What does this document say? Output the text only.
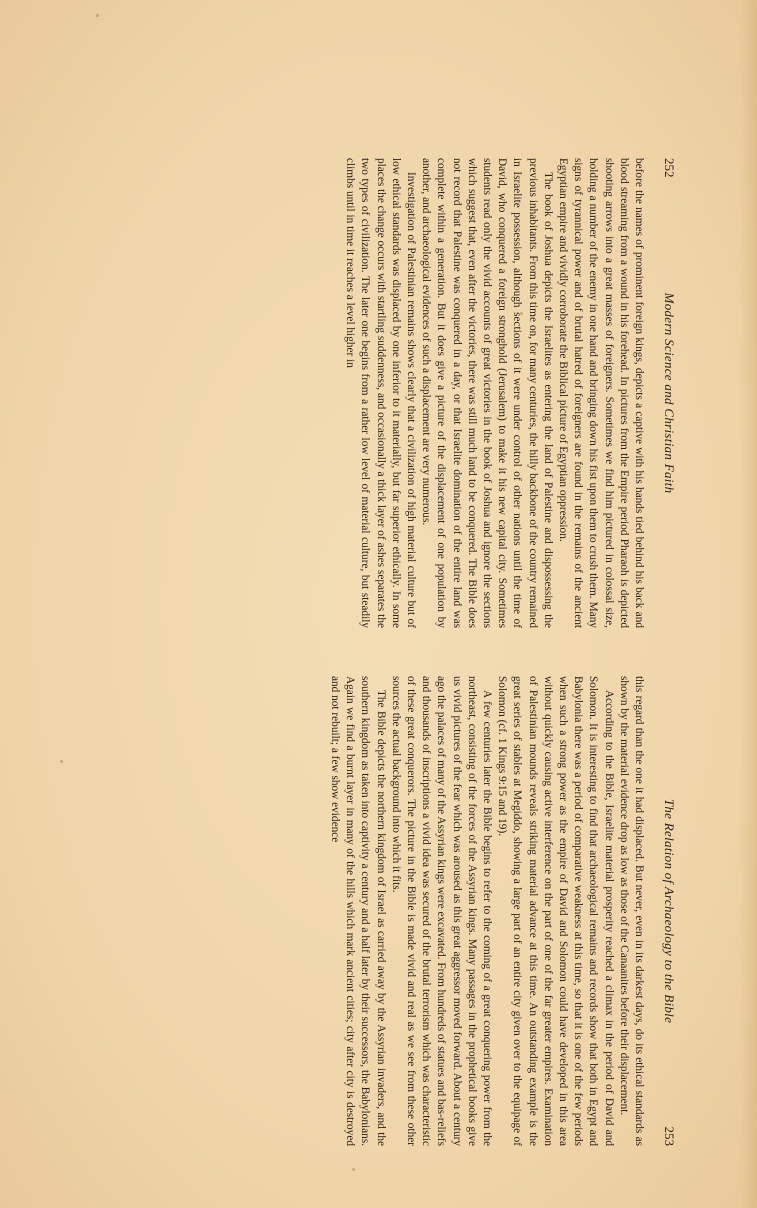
Modern Science and Christian Faith
252

before the names of prominent foreign kings, depicts a captive with his hands tied behind his back and blood streaming from a wound in his forehead. In pictures from the Empire period Pharaoh is depicted shooting arrows into a great masses of foreigners. Sometimes we find him pictured in colossal size, holding a number of the enemy in one hand and bringing down his fist upon them to crush them. Many signs of tyrannical power and of brutal hatred of foreigners are found in the remains of the ancient Egyptian empire and vividly corroborate the Biblical picture of Egyptian oppression.

The book of Joshua depicts the Israelites as entering the land of Palestine and dispossessing the previous inhabitants. From this time on, for many centuries, the hilly backbone of the country remained in Israelite possession, although sections of it were under control of other nations until the time of David, who conquered a foreign stronghold (Jerusalem) to make it his new capital city. Sometimes students read only the vivid accounts of great victories in the book of Joshua and ignore the sections which suggest that, even after the victories, there was still much land to be conquered. The Bible does not record that Palestine was conquered in a day, or that Israelite domination of the entire land was complete within a generation. But it does give a picture of the displacement of one population by another, and archaeological evidences of such a displacement are very numerous.

Investigation of Palestinian remains shows clearly that a civilization of high material culture but of low ethical standards was displaced by one inferior to it materially, but far superior ethically. In some places the change occurs with startling suddenness, and occasionally a thick layer of ashes separates the two types of civilization. The later one begins from a rather low level of material culture, but steadily climbs until in time it reaches a level higher in

The Relation of Archaeology to the Bible
253

this regard than the one it had displaced. But never, even in its darkest days, do its ethical standards as shown by the material evidence drop as low as those of the Canaanites before their displacement.

According to the Bible, Israelite material prosperity reached a climax in the period of David and Solomon. It is interesting to find that archaeological remains and records show that both in Egypt and Babylonia there was a period of comparative weakness at this time, so that it is one of the few periods when such a strong power as the empire of David and Solomon could have developed in this area without quickly causing active interference on the part of one of the far greater empires. Examination of Palestinian mounds reveals striking material advance at this time. An outstanding example is the great series of stables at Megiddo, showing a large part of an entire city given over to the equipage of Solomon (cf. 1 Kings 9:15 and 19).

A few centuries later the Bible begins to refer to the coming of a great conquering power from the northeast, consisting of the forces of the Assyrian kings. Many passages in the prophetical books give us vivid pictures of the fear which was aroused as this great aggressor moved forward. About a century ago the palaces of many of the Assyrian kings were excavated. From hundreds of statues and bas-reliefs and thousands of inscriptions a vivid idea was secured of the brutal terrorism which was characteristic of these great conquerors. The picture in the Bible is made vivid and real as we see from these other sources the actual background into which it fits.

The Bible depicts the northern kingdom of Israel as carried away by the Assyrian invaders, and the southern kingdom as taken into captivity a century and a half later by their successors, the Babylonians. Again we find a burnt layer in many of the hills which mark ancient cities; city after city is destroyed and not rebuilt; a few show evidence
